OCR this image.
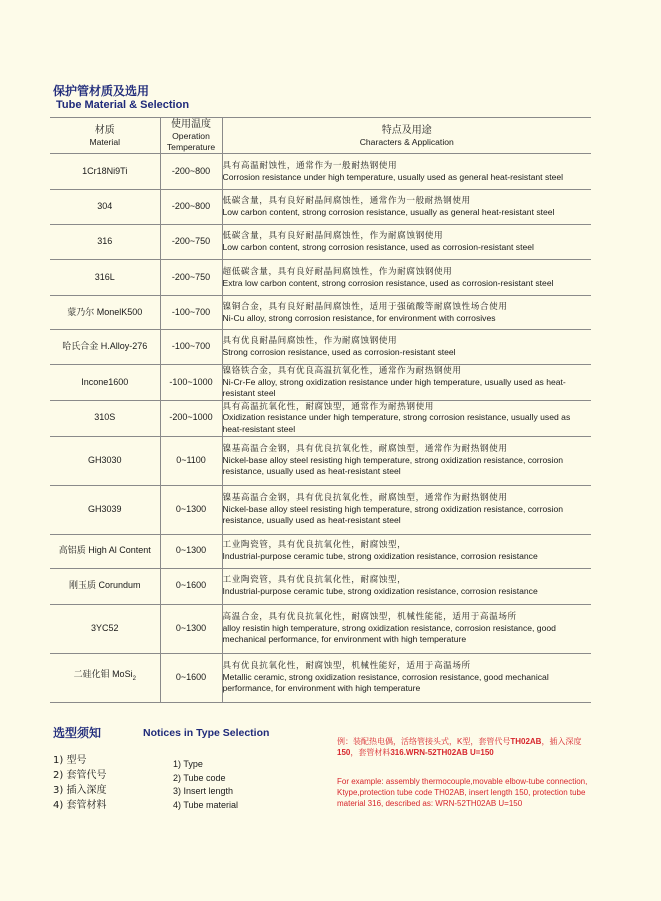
保护管材质及选用
Tube Material & Selection
材质
Material	使用温度
Operation
Temperature	特点及用途
Characters & Application

1Cr18Ni9Ti	-200~800	具有高温耐蚀性，通常作为一般耐热钢使用
Corrosion resistance under high temperature, usually used as general heat-resistant steel

304	-200~800	低碳含量，具有良好耐晶间腐蚀性，通常作为一般耐热钢使用
Low carbon content, strong corrosion resistance, usually as general heat-resistant steel

316	-200~750	低碳含量，具有良好耐晶间腐蚀性，作为耐腐蚀钢使用
Low carbon content, strong corrosion resistance, used as corrosion-resistant steel

316L	-200~750	超低碳含量，具有良好耐晶间腐蚀性，作为耐腐蚀钢使用
Extra low carbon content, strong corrosion resistance, used as corrosion-resistant steel

蒙乃尔 MonelK500	-100~700	镍铜合金，具有良好耐晶间腐蚀性，适用于强硫酸等耐腐蚀性场合使用
Ni-Cu alloy, strong corrosion resistance, for environment with corrosives

哈氏合金 H.Alloy-276	-100~700	具有优良耐晶间腐蚀性，作为耐腐蚀钢使用
Strong corrosion resistance, used as corrosion-resistant steel

Incone1600	-100~1000	镍铬铁合金，具有优良高温抗氧化性，通常作为耐热钢使用
Ni-Cr-Fe alloy, strong oxidization resistance under high temperature, usually used as heat-resistant steel

310S	-200~1000	具有高温抗氧化性，耐腐蚀型，通常作为耐热钢使用
Oxidization resistance under high temperature, strong corrosion resistance, usually used as heat-resistant steel

GH3030	0~1100	镍基高温合金钢，具有优良抗氧化性，耐腐蚀型，通常作为耐热钢使用
Nickel-base alloy steel resisting high temperature, strong oxidization resistance, corrosion resistance, usually used as heat-resistant steel

GH3039	0~1300	镍基高温合金钢，具有优良抗氧化性，耐腐蚀型，通常作为耐热钢使用
Nickel-base alloy steel resisting high temperature, strong oxidization resistance, corrosion resistance, usually used as heat-resistant steel

高铝质 High Al Content	0~1300	工业陶瓷管，具有优良抗氧化性，耐腐蚀型，
Industrial-purpose ceramic tube, strong oxidization resistance, corrosion resistance

刚玉质 Corundum	0~1600	工业陶瓷管，具有优良抗氧化性，耐腐蚀型，
Industrial-purpose ceramic tube, strong oxidization resistance, corrosion resistance

3YC52	0~1300	高温合金，具有优良抗氧化性，耐腐蚀型，机械性能能，适用于高温场所
alloy resistin high temperature, strong oxidization resistance, corrosion resistance, good mechanical performance, for environment with high temperature

二硅化钼 MoSi$_2$	0~1600	具有优良抗氧化性，耐腐蚀型，机械性能好，适用于高温场所
Metallic ceramic, strong oxidization resistance, corrosion resistance, good mechanical performance, for environment with high temperature
选型须知	Notices in Type Selection
1) 型号
2) 套管代号
3) 插入深度
4) 套管材料
1) Type
2) Tube code
3) Insert length
4) Tube material
例：装配热电偶，活络管接头式，K型，套管代号TH02AB，插入深度
150，套管材料316.WRN-52TH02AB U=150
For example: assembly thermocouple,movable elbow-tube connection, Ktype,protection tube code TH02AB, insert length 150, protection tube material 316, described as: WRN-52TH02AB U=150
